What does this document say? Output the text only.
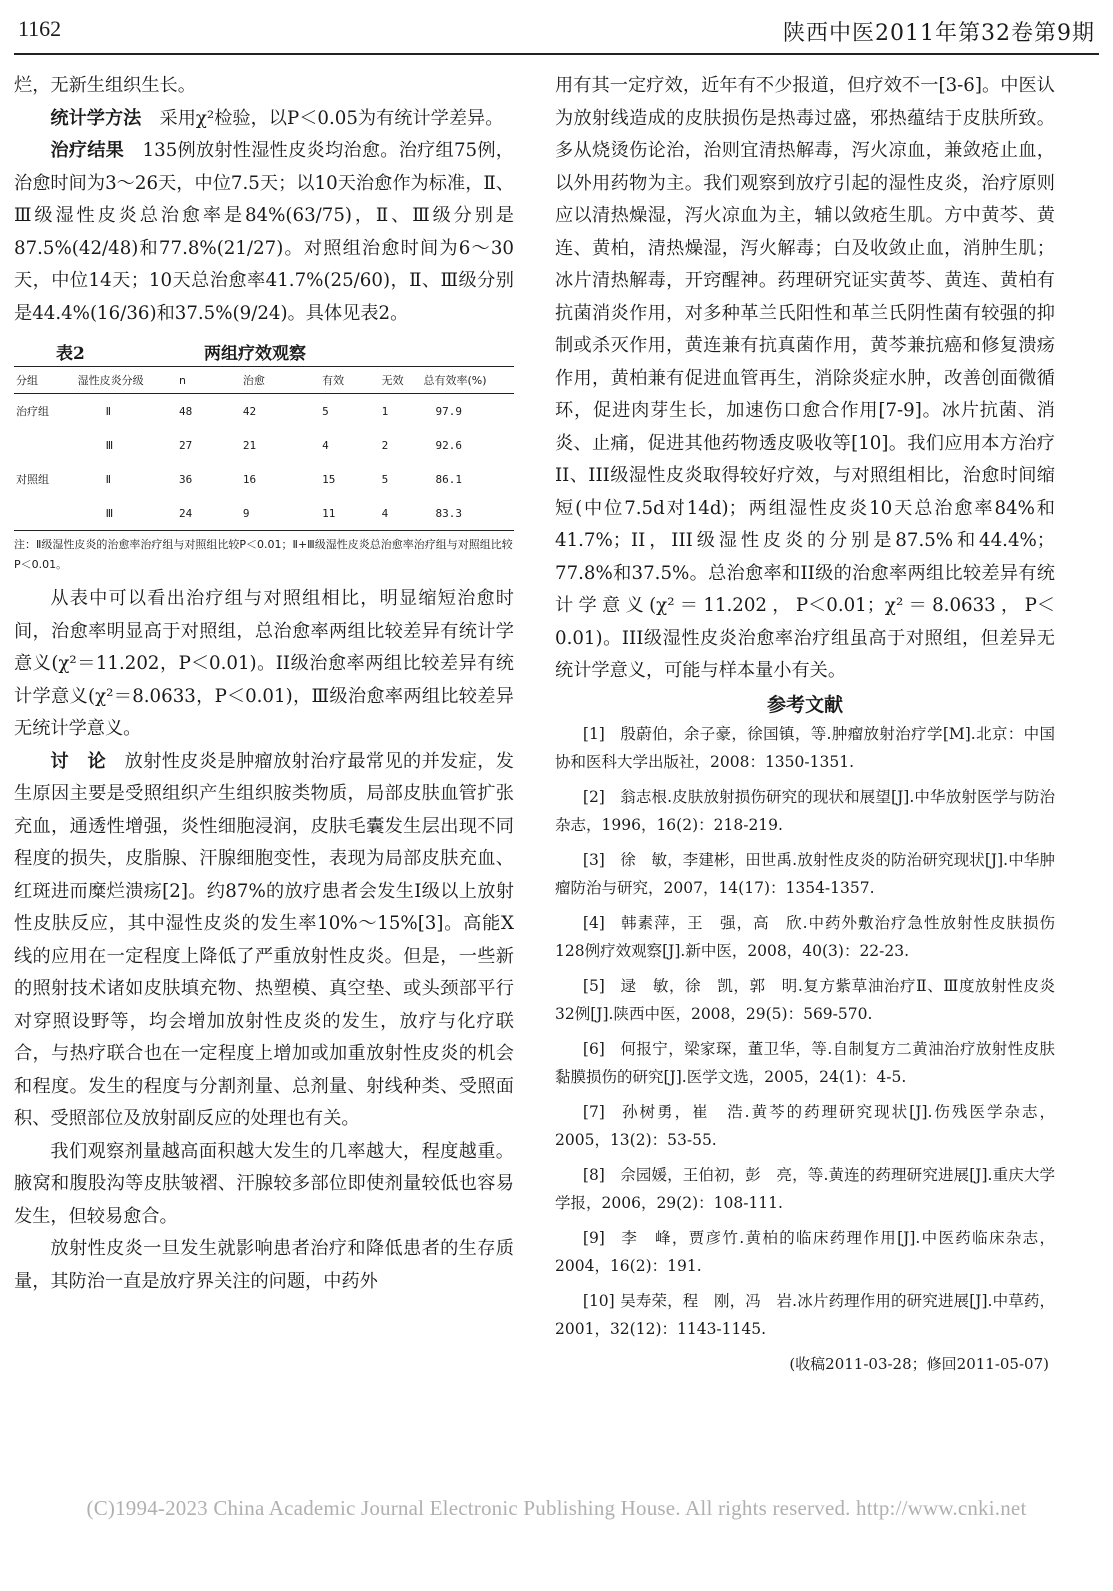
1162	陕西中医2011年第32卷第9期

烂，无新生组织生长。

统计学方法　采用χ²检验，以P＜0.05为有统计学差异。

治疗结果　135例放射性湿性皮炎均治愈。治疗组75例，治愈时间为3～26天，中位7.5天；以10天治愈作为标准，Ⅱ、Ⅲ级湿性皮炎总治愈率是84%(63/75)，Ⅱ、Ⅲ级分别是87.5%(42/48)和77.8%(21/27)。对照组治愈时间为6～30天，中位14天；10天总治愈率41.7%(25/60)，Ⅱ、Ⅲ级分别是44.4%(16/36)和37.5%(9/24)。具体见表2。

表2	两组疗效观察
分组	湿性皮炎分级	n	治愈	有效	无效	总有效率(%)
治疗组	Ⅱ	48	42	5	1	97.9
	Ⅲ	27	21	4	2	92.6
对照组	Ⅱ	36	16	15	5	86.1
	Ⅲ	24	9	11	4	83.3
注：Ⅱ级湿性皮炎的治愈率治疗组与对照组比较P＜0.01；Ⅱ+Ⅲ级湿性皮炎总治愈率治疗组与对照组比较P＜0.01。

从表中可以看出治疗组与对照组相比，明显缩短治愈时间，治愈率明显高于对照组，总治愈率两组比较差异有统计学意义(χ²＝11.202，P＜0.01)。II级治愈率两组比较差异有统计学意义(χ²＝8.0633，P＜0.01)，Ⅲ级治愈率两组比较差异无统计学意义。

讨　论　放射性皮炎是肿瘤放射治疗最常见的并发症，发生原因主要是受照组织产生组织胺类物质，局部皮肤血管扩张充血，通透性增强，炎性细胞浸润，皮肤毛囊发生层出现不同程度的损失，皮脂腺、汗腺细胞变性，表现为局部皮肤充血、红斑进而糜烂溃疡[2]。约87%的放疗患者会发生Ⅰ级以上放射性皮肤反应，其中湿性皮炎的发生率10%～15%[3]。高能X线的应用在一定程度上降低了严重放射性皮炎。但是，一些新的照射技术诸如皮肤填充物、热塑模、真空垫、或头颈部平行对穿照设野等，均会增加放射性皮炎的发生，放疗与化疗联合，与热疗联合也在一定程度上增加或加重放射性皮炎的机会和程度。发生的程度与分割剂量、总剂量、射线种类、受照面积、受照部位及放射副反应的处理也有关。

我们观察剂量越高面积越大发生的几率越大，程度越重。腋窝和腹股沟等皮肤皱褶、汗腺较多部位即使剂量较低也容易发生，但较易愈合。

放射性皮炎一旦发生就影响患者治疗和降低患者的生存质量，其防治一直是放疗界关注的问题，中药外

用有其一定疗效，近年有不少报道，但疗效不一[3-6]。中医认为放射线造成的皮肤损伤是热毒过盛，邪热蕴结于皮肤所致。多从烧烫伤论治，治则宜清热解毒，泻火凉血，兼敛疮止血，以外用药物为主。我们观察到放疗引起的湿性皮炎，治疗原则应以清热燥湿，泻火凉血为主，辅以敛疮生肌。方中黄芩、黄连、黄柏，清热燥湿，泻火解毒；白及收敛止血，消肿生肌；冰片清热解毒，开窍醒神。药理研究证实黄芩、黄连、黄柏有抗菌消炎作用，对多种革兰氏阳性和革兰氏阴性菌有较强的抑制或杀灭作用，黄连兼有抗真菌作用，黄芩兼抗癌和修复溃疡作用，黄柏兼有促进血管再生，消除炎症水肿，改善创面微循环，促进肉芽生长，加速伤口愈合作用[7-9]。冰片抗菌、消炎、止痛，促进其他药物透皮吸收等[10]。我们应用本方治疗II、III级湿性皮炎取得较好疗效，与对照组相比，治愈时间缩短(中位7.5d对14d)；两组湿性皮炎10天总治愈率84%和41.7%；II，III级湿性皮炎的分别是87.5%和44.4%；77.8%和37.5%。总治愈率和II级的治愈率两组比较差异有统计学意义(χ²＝11.202，P＜0.01；χ²＝8.0633，P＜0.01)。III级湿性皮炎治愈率治疗组虽高于对照组，但差异无统计学意义，可能与样本量小有关。

参考文献
[1] 殷蔚伯，余子豪，徐国镇，等.肿瘤放射治疗学[M].北京：中国协和医科大学出版社，2008：1350-1351.
[2] 翁志根.皮肤放射损伤研究的现状和展望[J].中华放射医学与防治杂志，1996，16(2)：218-219.
[3] 徐　敏，李建彬，田世禹.放射性皮炎的防治研究现状[J].中华肿瘤防治与研究，2007，14(17)：1354-1357.
[4] 韩素萍，王　强，高　欣.中药外敷治疗急性放射性皮肤损伤128例疗效观察[J].新中医，2008，40(3)：22-23.
[5] 逯　敏，徐　凯，郭　明.复方紫草油治疗Ⅱ、Ⅲ度放射性皮炎32例[J].陕西中医，2008，29(5)：569-570.
[6] 何报宁，梁家琛，董卫华，等.自制复方二黄油治疗放射性皮肤黏膜损伤的研究[J].医学文选，2005，24(1)：4-5.
[7] 孙树勇，崔　浩.黄芩的药理研究现状[J].伤残医学杂志，2005，13(2)：53-55.
[8] 佘园媛，王伯初，彭　亮，等.黄连的药理研究进展[J].重庆大学学报，2006，29(2)：108-111.
[9] 李　峰，贾彦竹.黄柏的临床药理作用[J].中医药临床杂志，2004，16(2)：191.
[10] 吴寿荣，程　刚，冯　岩.冰片药理作用的研究进展[J].中草药，2001，32(12)：1143-1145.
(收稿2011-03-28；修回2011-05-07)
(C)1994-2023 China Academic Journal Electronic Publishing House. All rights reserved. http://www.cnki.net
